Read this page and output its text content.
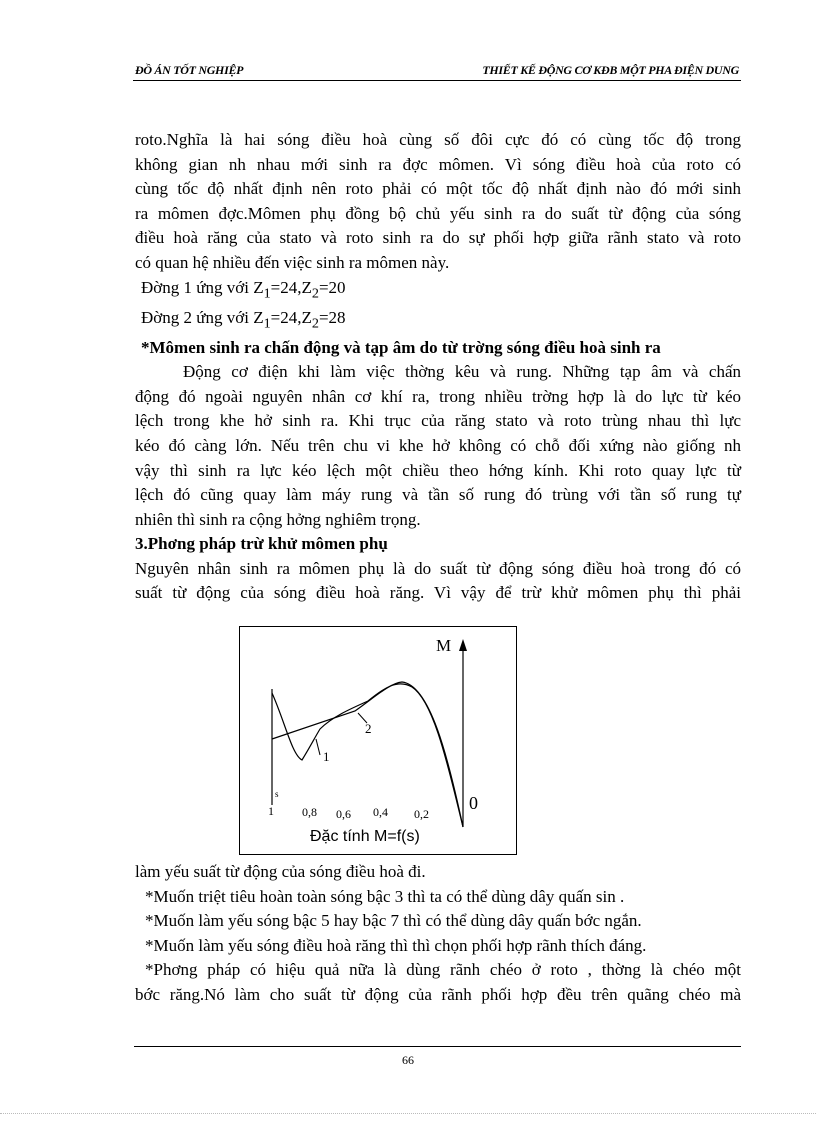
ĐỒ ÁN TỐT NGHIỆP	THIẾT KẾ ĐỘNG CƠ KĐB MỘT PHA ĐIỆN DUNG

roto.Nghĩa là hai sóng điều hoà cùng số đôi cực đó có cùng tốc độ trong

không gian nh nhau mới sinh ra đợc mômen. Vì sóng điều hoà của roto có

cùng tốc độ nhất định nên roto phải có một tốc độ nhất định nào đó mới sinh

ra mômen đợc.Mômen phụ đồng bộ chủ yếu sinh ra do suất từ động của sóng

điều hoà răng của stato và roto sinh ra do sự phối hợp giữa rãnh stato và roto

có quan hệ nhiều đến việc sinh ra mômen này.

Đờng 1 ứng với $Z_1=24,Z_2=20$

Đờng 2 ứng với $Z_1=24,Z_2=28$

*Mômen sinh ra chấn động và tạp âm do từ trờng sóng điều hoà sinh ra

Động cơ điện khi làm việc thờng kêu và rung. Những tạp âm và chấn

động đó ngoài nguyên nhân cơ khí ra, trong nhiều trờng hợp là do lực từ kéo

lệch trong khe hở sinh ra. Khi trục của răng stato và roto trùng nhau thì lực

kéo đó càng lớn. Nếu trên chu vi khe hở không có chỗ đối xứng nào giống nh

vậy thì sinh ra lực kéo lệch một chiều theo hớng kính. Khi roto quay lực từ

lệch đó cũng quay làm máy rung và tần số rung đó trùng với tần số rung tự

nhiên thì sinh ra cộng hởng nghiêm trọng.

3.Phơng pháp trừ khử mômen phụ

Nguyên nhân sinh ra mômen phụ là do suất từ động sóng điều hoà trong đó có

suất từ động của sóng điều hoà răng. Vì vậy để trừ khử mômen phụ thì phải

M
0
s
1
2
1 0,8 0,6 0,4 0,2
Đặc tính M=f(s)

làm yếu suất từ động của sóng điều hoà đi.

*Muốn triệt tiêu hoàn toàn sóng bậc 3 thì ta có thể dùng dây quấn sin .

*Muốn làm yếu sóng bậc 5 hay bậc 7 thì có thể dùng dây quấn bớc ngắn.

*Muốn làm yếu sóng điều hoà răng thì thì chọn phối hợp rãnh thích đáng.

*Phơng pháp có hiệu quả nữa là dùng rãnh chéo ở roto , thờng là chéo một

bớc răng.Nó làm cho suất từ động của rãnh phối hợp đều trên quãng chéo mà

66
